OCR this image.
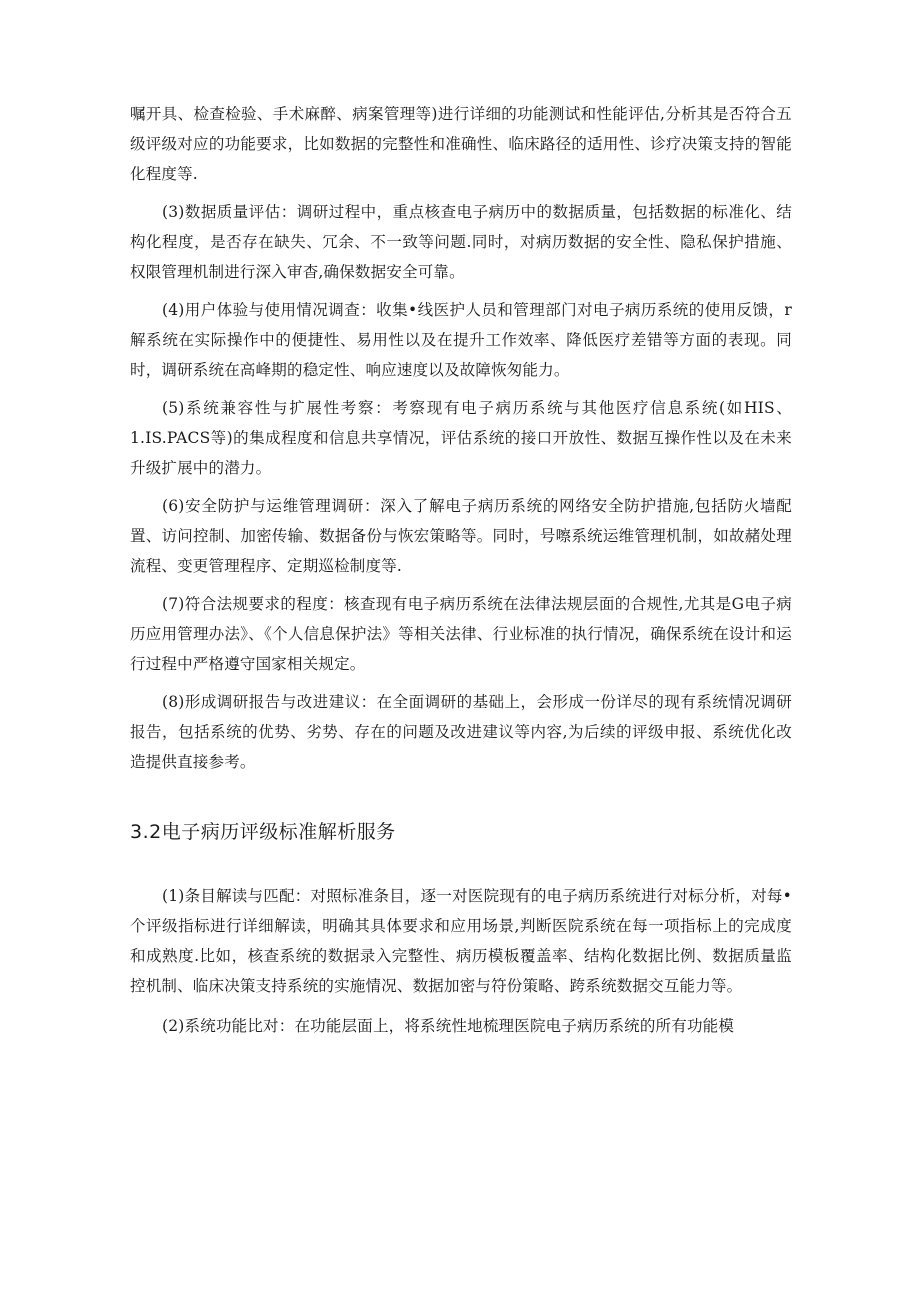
嘱开具、检查检验、手术麻醉、病案管理等)进行详细的功能测试和性能评估,分析其是否符合五级评级对应的功能要求，比如数据的完整性和准确性、临床路径的适用性、诊疗决策支持的智能化程度等.

(3)数据质量评估：调研过程中，重点核查电子病历中的数据质量，包括数据的标准化、结构化程度，是否存在缺失、冗余、不一致等问题.同时，对病历数据的安全性、隐私保护措施、权限管理机制进行深入审杳,确保数据安全可靠。

(4)用户体验与使用情况调查：收集•线医护人员和管理部门对电子病历系统的使用反馈，r解系统在实际操作中的便捷性、易用性以及在提升工作效率、降低医疗差错等方面的表现。同时，调研系统在高峰期的稳定性、响应速度以及故障恢匆能力。

(5)系统兼容性与扩展性考察：考察现有电子病历系统与其他医疗信息系统(如HIS、1.IS.PACS等)的集成程度和信息共享情况，评估系统的接口开放性、数据互操作性以及在未来升级扩展中的潜力。

(6)安全防护与运维管理调研：深入了解电子病历系统的网络安全防护措施,包括防火墙配置、访问控制、加密传输、数据备份与恢宏策略等。同时，号嚓系统运维管理机制，如故赭处理流程、变更管理程序、定期巡检制度等.

(7)符合法规要求的程度：核查现有电子病历系统在法律法规层面的合规性,尤其是G电子病历应用管理办法》、《个人信息保护法》等相关法律、行业标准的执行情况，确保系统在设计和运行过程中严格遵守国家相关规定。

(8)形成调研报告与改进建议：在全面调研的基础上，会形成一份详尽的现有系统情况调研报告，包括系统的优势、劣势、存在的问题及改进建议等内容,为后续的评级申报、系统优化改造提供直接参考。

3.2电子病历评级标准解析服务

(1)条目解读与匹配：对照标准条目，逐一对医院现有的电子病历系统进行对标分析，对每•个评级指标进行详细解读，明确其具体要求和应用场景,判断医院系统在每一项指标上的完成度和成熟度.比如，核查系统的数据录入完整性、病历模板覆盖率、结构化数据比例、数据质量监控机制、临床决策支持系统的实施情况、数据加密与符份策略、跨系统数据交互能力等。

(2)系统功能比对：在功能层面上，将系统性地梳理医院电子病历系统的所有功能模
